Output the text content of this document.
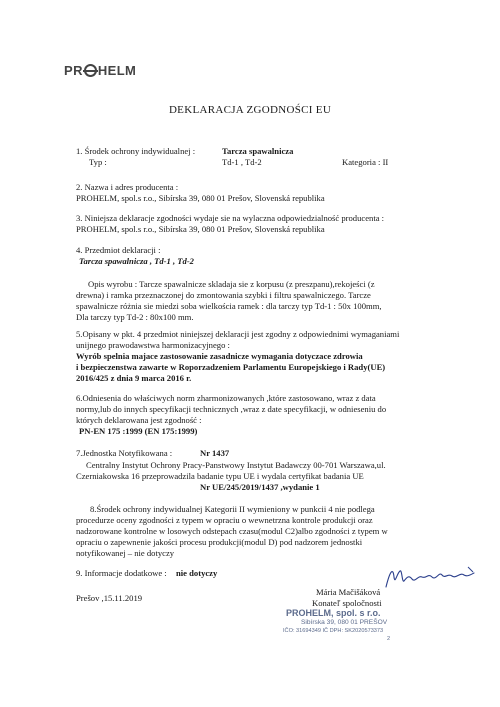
PR HELM
DEKLARACJA ZGODNOŚCI EU
1. Środek ochrony indywidualnej :	Tarcza spawalnicza
Typ :	Td-1 , Td-2	Kategoria : II
2. Nazwa i adres producenta :
PROHELM, spol.s r.o., Sibírska 39, 080 01 Prešov, Slovenská republika
3. Niniejsza deklaracje zgodności wydaje sie na wylaczna odpowiedzialność producenta :
PROHELM, spol.s r.o., Sibírska 39, 080 01 Prešov, Slovenská republika
4. Przedmiot deklaracji :
Tarcza spawalnicza , Td-1 , Td-2
Opis wyrobu : Tarcze spawalnicze skladaja sie z korpusu (z preszpanu),rekojeści (z
drewna) i ramka przeznaczonej do zmontowania szybki i filtru spawalniczego. Tarcze
spawalnicze różnia sie miedzi soba wielkościa ramek : dla tarczy typ Td-1 : 50x 100mm,
Dla tarczy typ Td-2 : 80x100 mm.
5.Opisany w pkt. 4 przedmiot niniejszej deklaracji jest zgodny z odpowiednimi wymaganiami
unijnego prawodawstwa harmonizacyjnego :
Wyrób spelnia majace zastosowanie zasadnicze wymagania dotyczace zdrowia
i bezpieczenstwa zawarte w Roporzadzeniem Parlamentu Europejskiego i Rady(UE)
2016/425 z dnia 9 marca 2016 r.
6.Odniesenia do właściwych norm zharmonizowanych ,które zastosowano, wraz z data
normy,lub do innych specyfikacji technicznych ,wraz z date specyfikacji, w odnieseniu do
których deklarowana jest zgodność :
PN-EN 175 :1999 (EN 175:1999)
7.Jednostka Notyfikowana :	Nr 1437
Centralny Instytut Ochrony Pracy-Panstwowy Instytut Badawczy 00-701 Warszawa,ul.
Czerniakowska 16 przeprowadzila badanie typu UE i wydala certyfikat badania UE
Nr UE/245/2019/1437 ,wydanie 1
8.Środek ochrony indywidualnej Kategorii II wymieniony w punkcii 4 nie podlega
procedurze oceny zgodności z typem w opraciu o wewnetrzna kontrole produkcji oraz
nadzorowane kontrolne w losowych odstepach czasu(modul C2)albo zgodności z typem w
opraciu o zapewnenie jakości procesu produkcji(modul D) pod nadzorem jednostki
notyfikowanej – nie dotyczy
9. Informacje dodatkowe : nie dotyczy
Prešov ,15.11.2019
Mária Mačišáková
Konateľ spoločnosti
PROHELM, spol. s r.o.
Sibírska 39, 080 01 PREŠOV
IČO: 31694349 IČ DPH: SK2020573373
2
